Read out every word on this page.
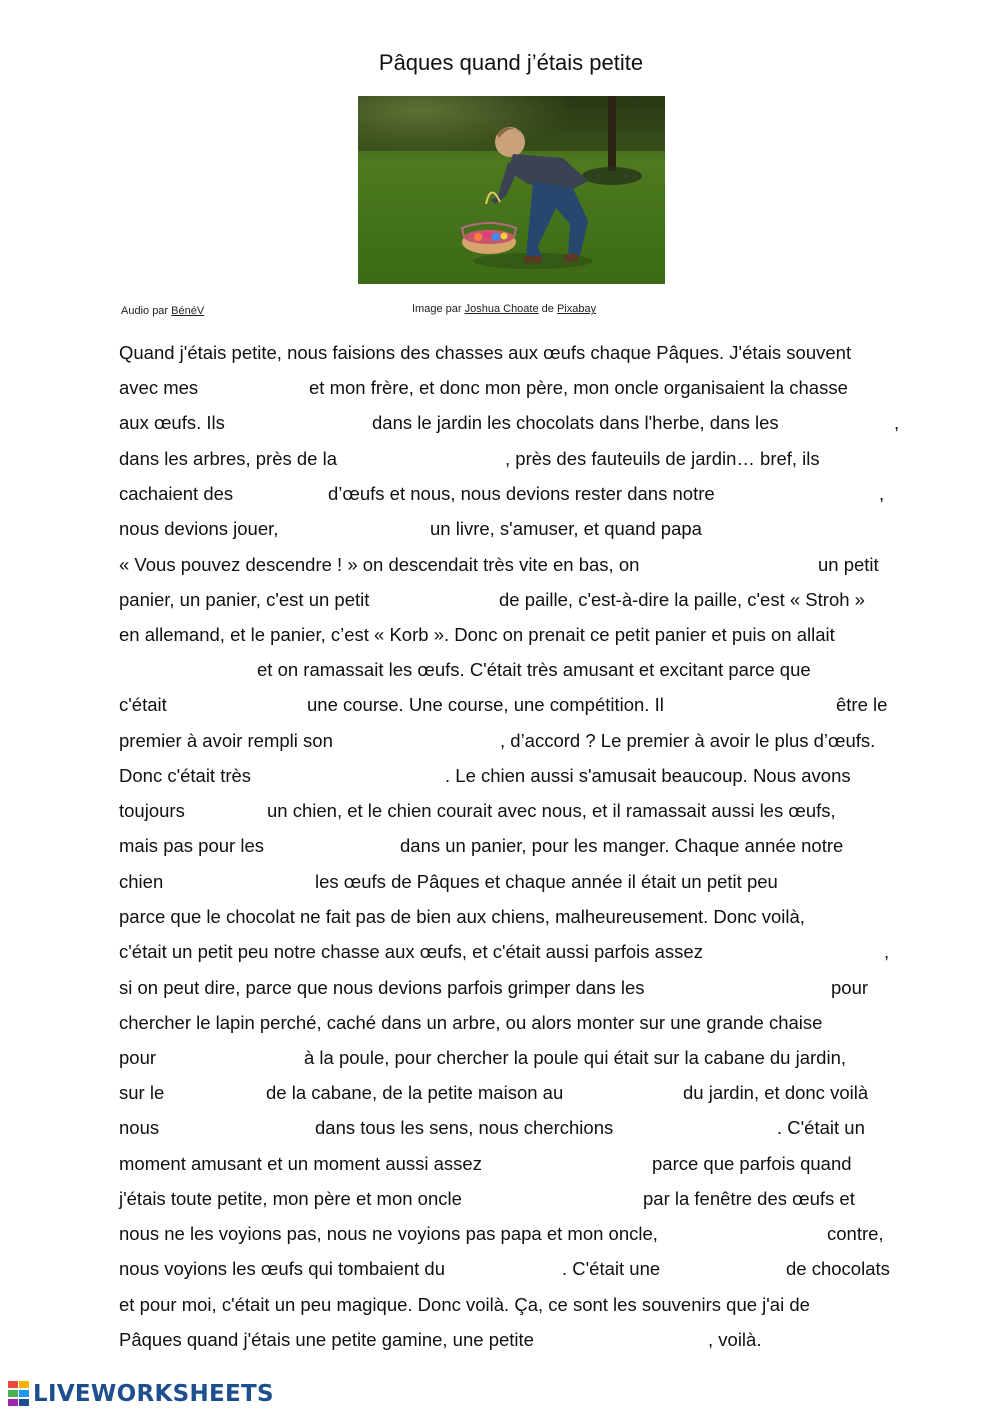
Pâques quand j’étais petite
Audio par BénéV	Image par Joshua Choate de Pixabay
Quand j'étais petite, nous faisions des chasses aux œufs chaque Pâques. J'étais souvent
avec mes	et mon frère, et donc mon père, mon oncle organisaient la chasse
aux œufs. Ils	dans le jardin les chocolats dans l'herbe, dans les	,
dans les arbres, près de la	, près des fauteuils de jardin… bref, ils
cachaient des	d’œufs et nous, nous devions rester dans notre	,
nous devions jouer,	un livre, s'amuser, et quand papa
« Vous pouvez descendre ! » on descendait très vite en bas, on	un petit
panier, un panier, c'est un petit	de paille, c'est-à-dire la paille, c'est « Stroh »
en allemand, et le panier, c’est « Korb ». Donc on prenait ce petit panier et puis on allait
et on ramassait les œufs. C'était très amusant et excitant parce que
c'était	une course. Une course, une compétition. Il	être le
premier à avoir rempli son	, d’accord ? Le premier à avoir le plus d’œufs.
Donc c'était très	. Le chien aussi s'amusait beaucoup. Nous avons
toujours	un chien, et le chien courait avec nous, et il ramassait aussi les œufs,
mais pas pour les	dans un panier, pour les manger. Chaque année notre
chien	les œufs de Pâques et chaque année il était un petit peu
parce que le chocolat ne fait pas de bien aux chiens, malheureusement. Donc voilà,
c'était un petit peu notre chasse aux œufs, et c'était aussi parfois assez	,
si on peut dire, parce que nous devions parfois grimper dans les	pour
chercher le lapin perché, caché dans un arbre, ou alors monter sur une grande chaise
pour	à la poule, pour chercher la poule qui était sur la cabane du jardin,
sur le	de la cabane, de la petite maison au	du jardin, et donc voilà
nous	dans tous les sens, nous cherchions	. C'était un
moment amusant et un moment aussi assez	parce que parfois quand
j'étais toute petite, mon père et mon oncle	par la fenêtre des œufs et
nous ne les voyions pas, nous ne voyions pas papa et mon oncle,	contre,
nous voyions les œufs qui tombaient du	. C'était une	de chocolats
et pour moi, c'était un peu magique. Donc voilà. Ça, ce sont les souvenirs que j'ai de
Pâques quand j'étais une petite gamine, une petite	, voilà.
LIVEWORKSHEETS
